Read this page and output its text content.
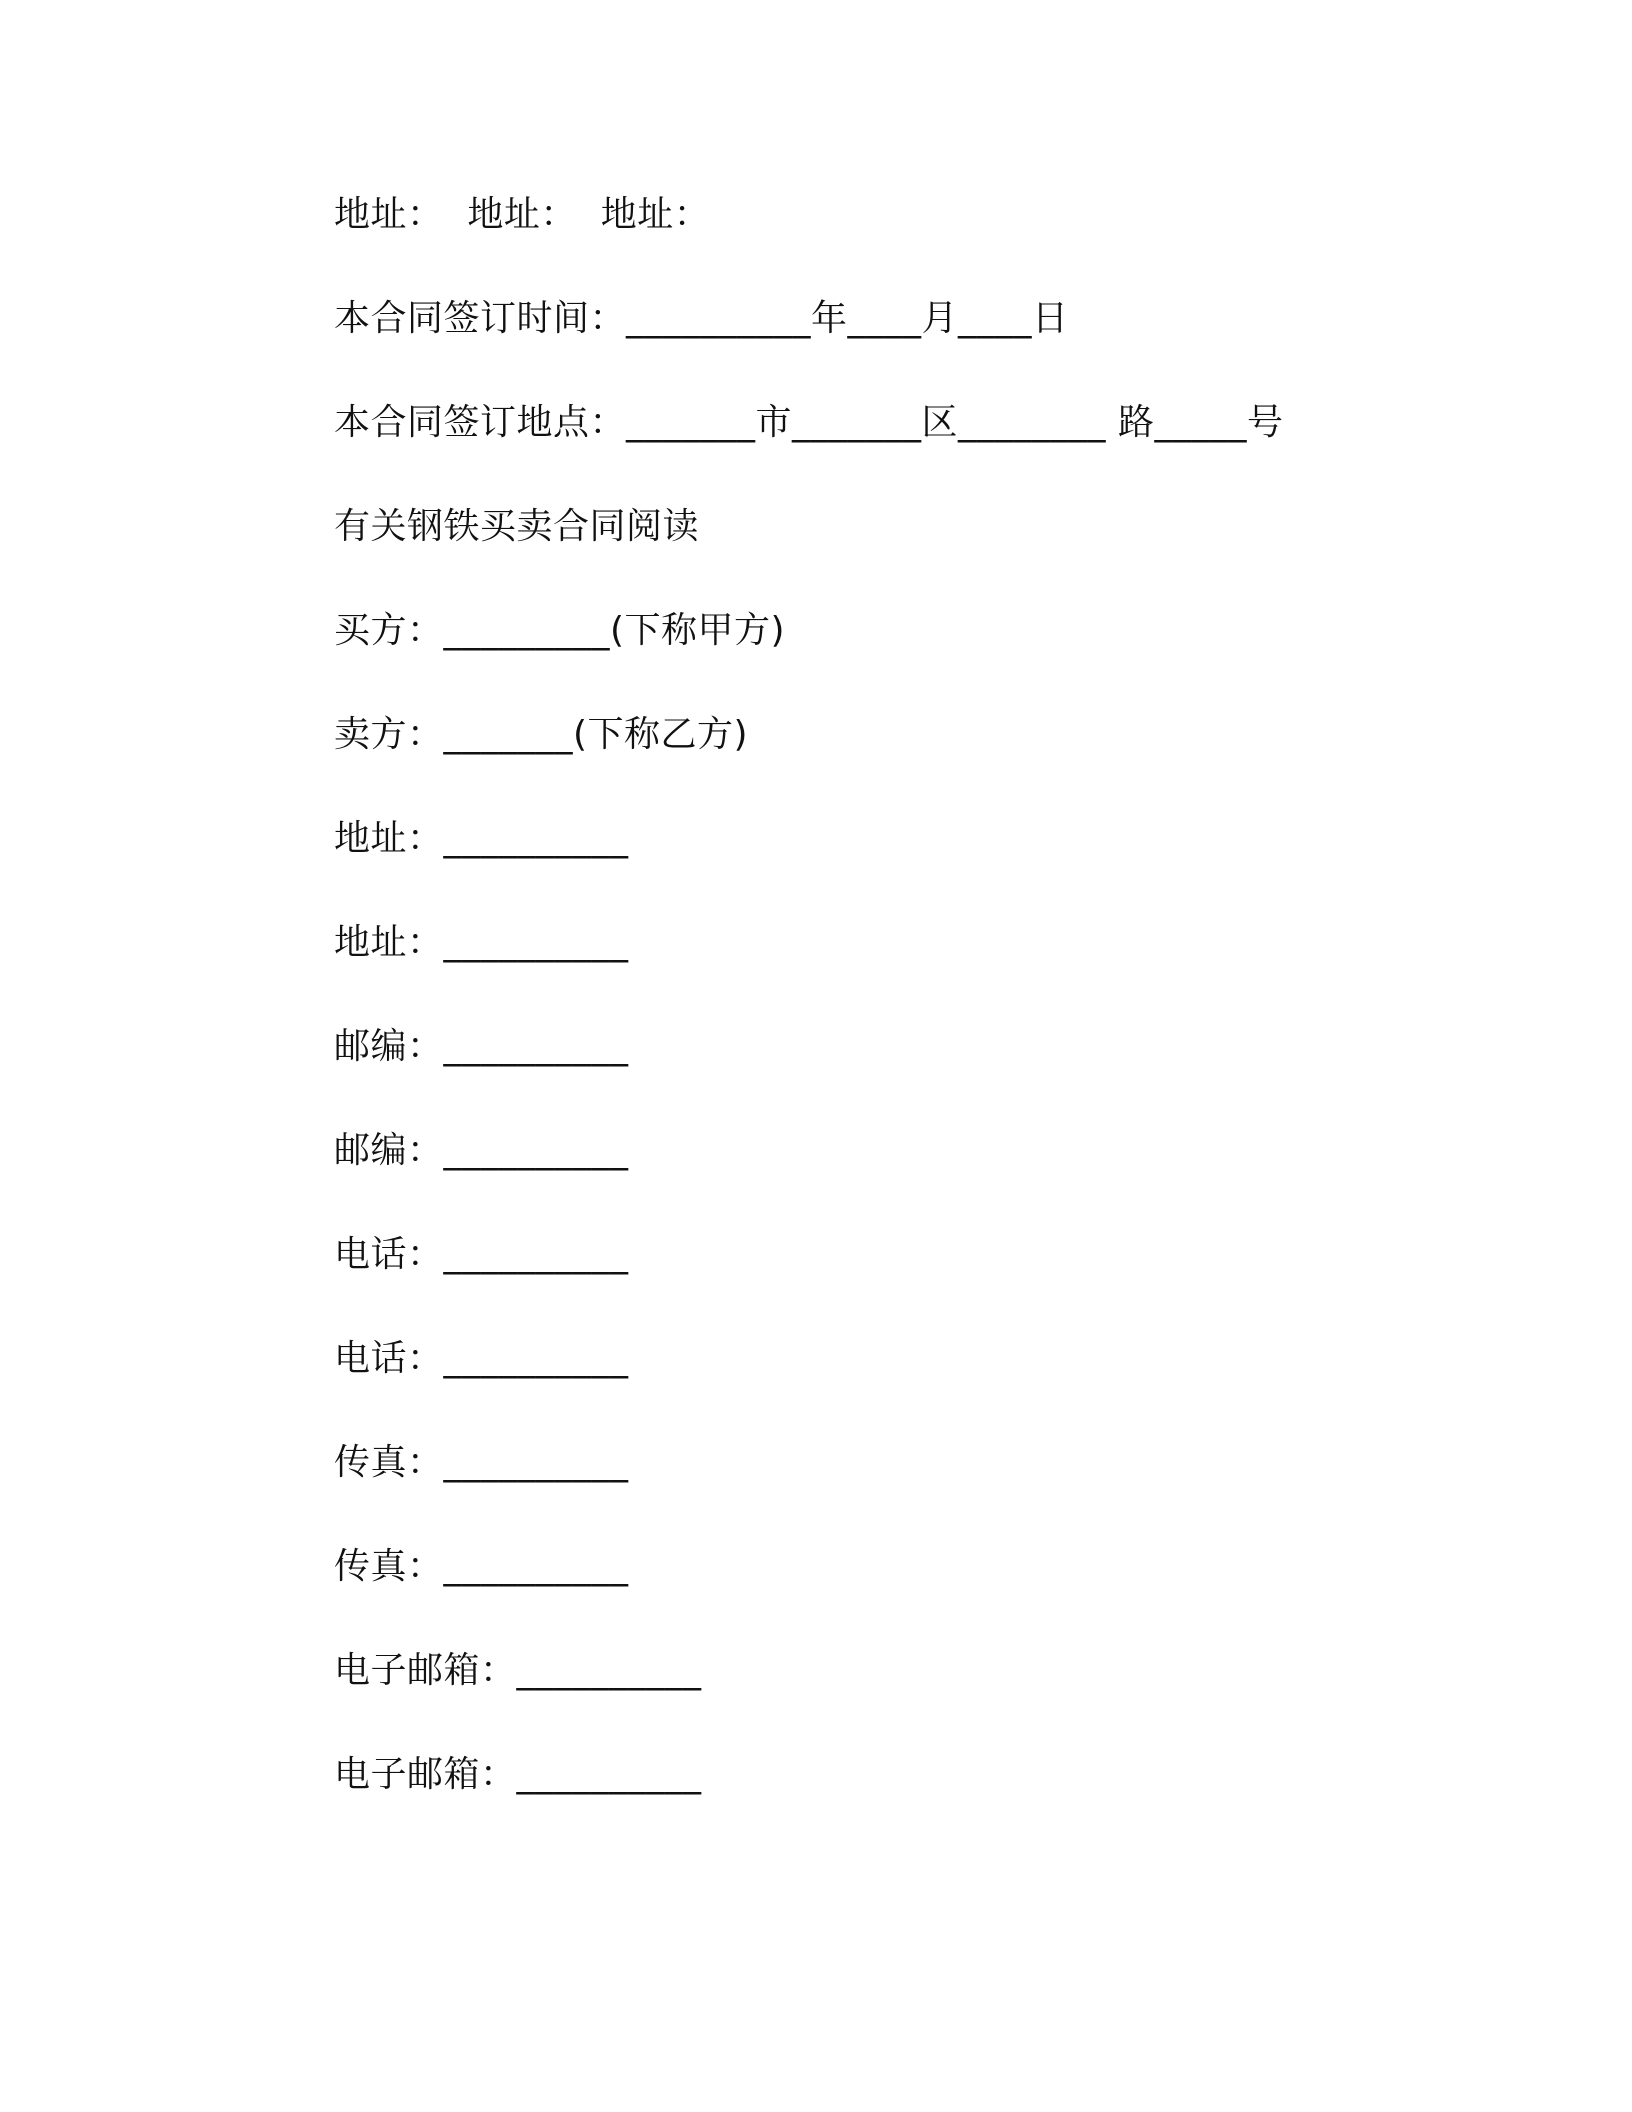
地址：  地址：  地址：
本合同签订时间：__________年____月____日
本合同签订地点：_______市_______区________ 路_____号
有关钢铁买卖合同阅读
买方：_________(下称甲方)
卖方：_______(下称乙方)
地址：__________
地址：__________
邮编：__________
邮编：__________
电话：__________
电话：__________
传真：__________
传真：__________
电子邮箱：__________
电子邮箱：__________
